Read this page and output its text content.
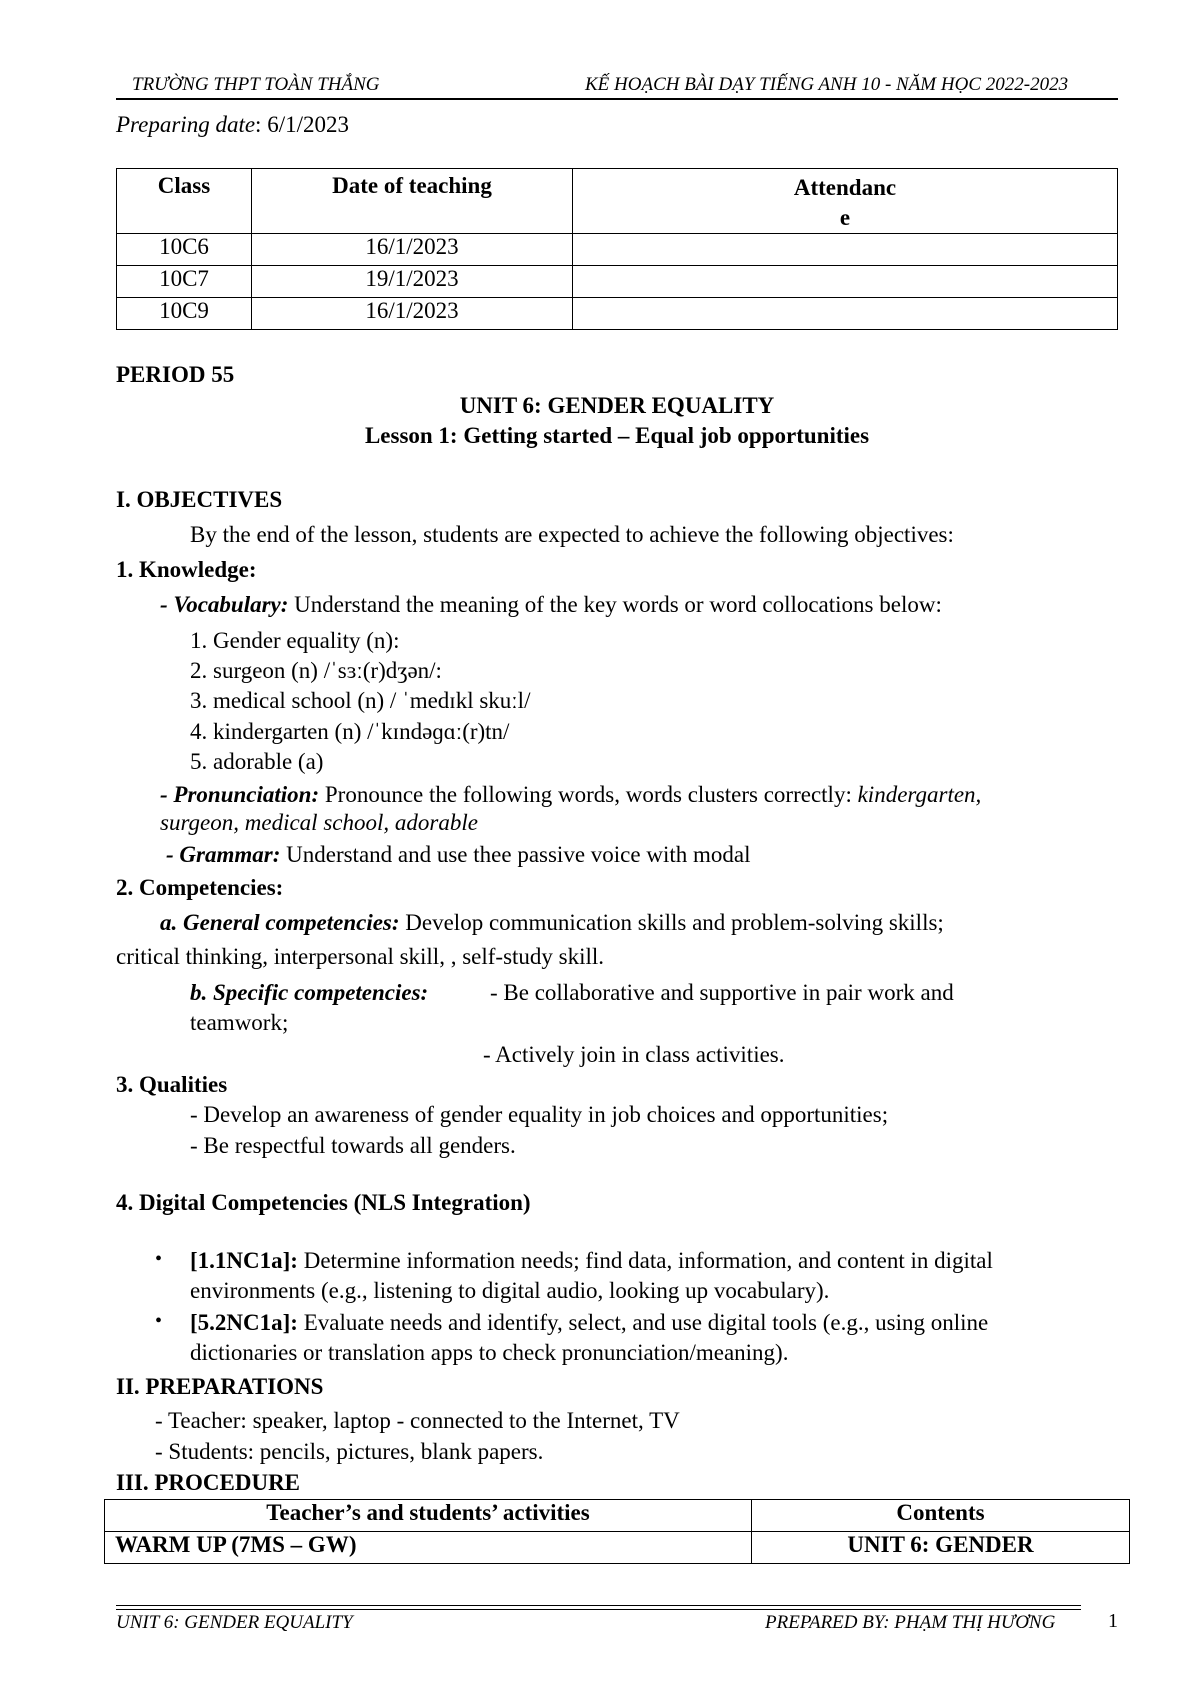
TRƯỜNG THPT TOÀN THẮNG	KẾ HOẠCH BÀI DẠY TIẾNG ANH 10 - NĂM HỌC 2022-2023
Preparing date: 6/1/2023
Class	Date of teaching	Attendanc
e

10C6	16/1/2023	
10C7	19/1/2023	
10C9	16/1/2023	
PERIOD 55
UNIT 6: GENDER EQUALITY
Lesson 1: Getting started – Equal job opportunities
I. OBJECTIVES
By the end of the lesson, students are expected to achieve the following objectives:
1. Knowledge:
- Vocabulary: Understand the meaning of the key words or word collocations below:
1. Gender equality (n):
2. surgeon (n) /ˈsɜː(r)dʒən/:
3. medical school (n) / ˈmedɪkl skuːl/
4. kindergarten (n) /ˈkɪndəɡɑː(r)tn/
5. adorable (a)
- Pronunciation: Pronounce the following words, words clusters correctly: kindergarten,
surgeon, medical school, adorable
- Grammar: Understand and use thee passive voice with modal
2. Competencies:
a. General competencies: Develop communication skills and problem-solving skills;
critical thinking, interpersonal skill, , self-study skill.
b. Specific competencies:	- Be collaborative and supportive in pair work and
teamwork;
- Actively join in class activities.
3. Qualities
- Develop an awareness of gender equality in job choices and opportunities;
- Be respectful towards all genders.
4. Digital Competencies (NLS Integration)
• [1.1NC1a]: Determine information needs; find data, information, and content in digital
environments (e.g., listening to digital audio, looking up vocabulary).
• [5.2NC1a]: Evaluate needs and identify, select, and use digital tools (e.g., using online
dictionaries or translation apps to check pronunciation/meaning).
II. PREPARATIONS
- Teacher: speaker, laptop - connected to the Internet, TV
- Students: pencils, pictures, blank papers.
III. PROCEDURE
Teacher’s and students’ activities	Contents
WARM UP (7MS – GW)	UNIT 6: GENDER
UNIT 6: GENDER EQUALITY	PREPARED BY: PHẠM THỊ HƯƠNG	1
